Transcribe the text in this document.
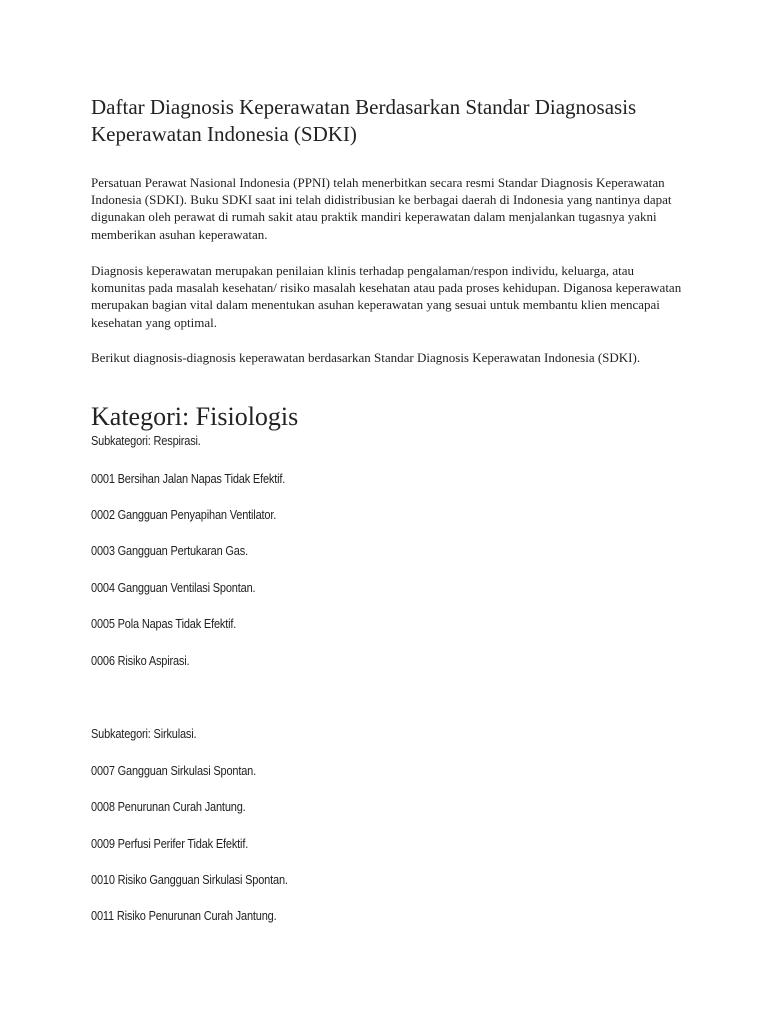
Daftar Diagnosis Keperawatan Berdasarkan Standar Diagnosasis Keperawatan Indonesia (SDKI)

Persatuan Perawat Nasional Indonesia (PPNI) telah menerbitkan secara resmi Standar Diagnosis Keperawatan Indonesia (SDKI). Buku SDKI saat ini telah didistribusian ke berbagai daerah di Indonesia yang nantinya dapat digunakan oleh perawat di rumah sakit atau praktik mandiri keperawatan dalam menjalankan tugasnya yakni memberikan asuhan keperawatan.

Diagnosis keperawatan merupakan penilaian klinis terhadap pengalaman/respon individu, keluarga, atau komunitas pada masalah kesehatan/ risiko masalah kesehatan atau pada proses kehidupan. Diganosa keperawatan merupakan bagian vital dalam menentukan asuhan keperawatan yang sesuai untuk membantu klien mencapai kesehatan yang optimal.

Berikut diagnosis-diagnosis keperawatan berdasarkan Standar Diagnosis Keperawatan Indonesia (SDKI).

Kategori: Fisiologis

Subkategori: Respirasi.

0001 Bersihan Jalan Napas Tidak Efektif.

0002 Gangguan Penyapihan Ventilator.

0003 Gangguan Pertukaran Gas.

0004 Gangguan Ventilasi Spontan.

0005 Pola Napas Tidak Efektif.

0006 Risiko Aspirasi.

Subkategori: Sirkulasi.

0007 Gangguan Sirkulasi Spontan.

0008 Penurunan Curah Jantung.

0009 Perfusi Perifer Tidak Efektif.

0010 Risiko Gangguan Sirkulasi Spontan.

0011 Risiko Penurunan Curah Jantung.
